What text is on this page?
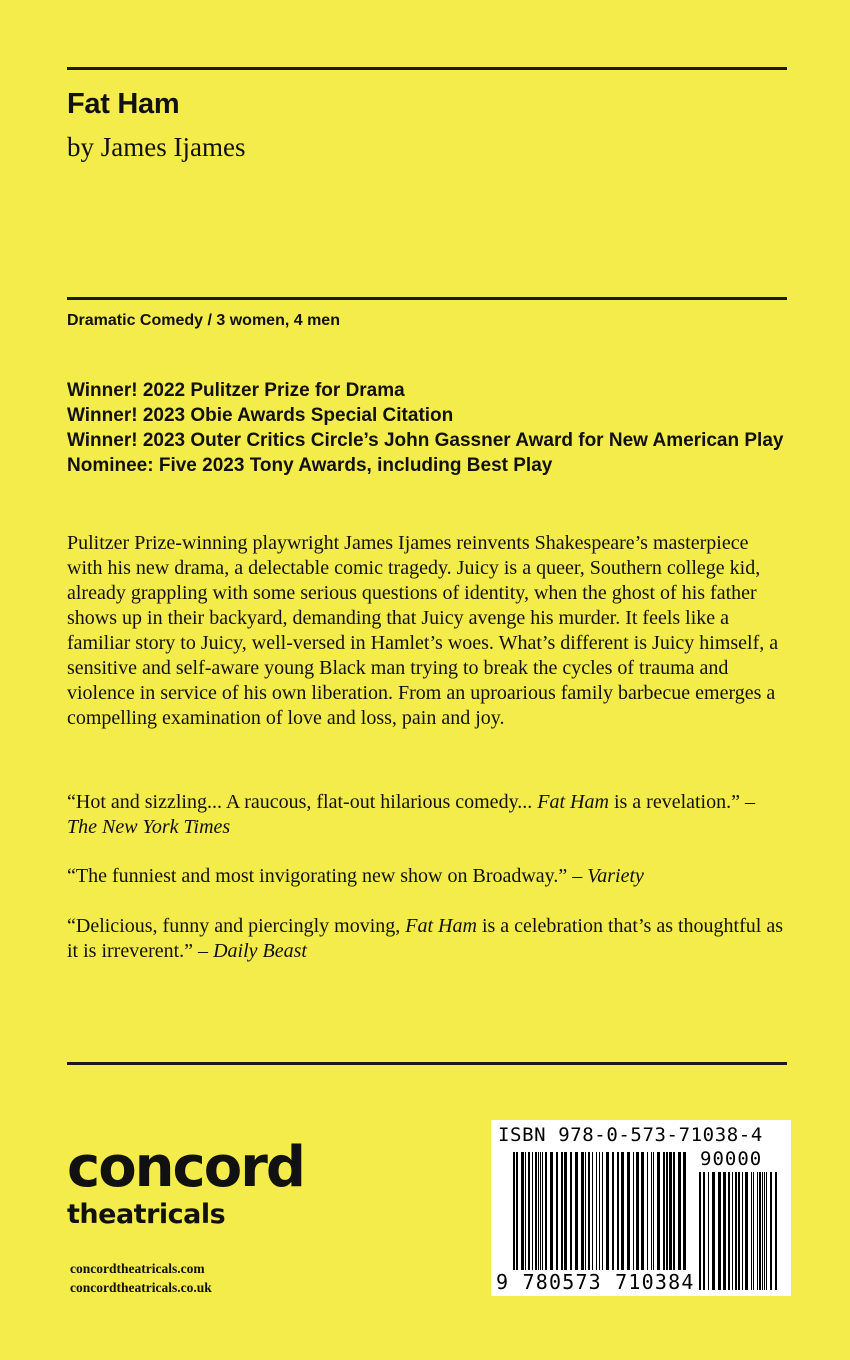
Fat Ham
by James Ijames
Dramatic Comedy / 3 women, 4 men
Winner! 2022 Pulitzer Prize for Drama
Winner! 2023 Obie Awards Special Citation
Winner! 2023 Outer Critics Circle’s John Gassner Award for New American Play
Nominee: Five 2023 Tony Awards, including Best Play
Pulitzer Prize-winning playwright James Ijames reinvents Shakespeare’s masterpiece with his new drama, a delectable comic tragedy. Juicy is a queer, Southern college kid, already grappling with some serious questions of identity, when the ghost of his father shows up in their backyard, demanding that Juicy avenge his murder. It feels like a familiar story to Juicy, well-versed in Hamlet’s woes. What’s different is Juicy himself, a sensitive and self-aware young Black man trying to break the cycles of trauma and violence in service of his own liberation. From an uproarious family barbecue emerges a compelling examination of love and loss, pain and joy.
“Hot and sizzling... A raucous, flat-out hilarious comedy... Fat Ham is a revelation.” – The New York Times
“The funniest and most invigorating new show on Broadway.” – Variety
“Delicious, funny and piercingly moving, Fat Ham is a celebration that’s as thoughtful as it is irreverent.” – Daily Beast
concord
theatricals
concordtheatricals.com
concordtheatricals.co.uk
ISBN 978-0-573-71038-4
90000
9 780573 710384
